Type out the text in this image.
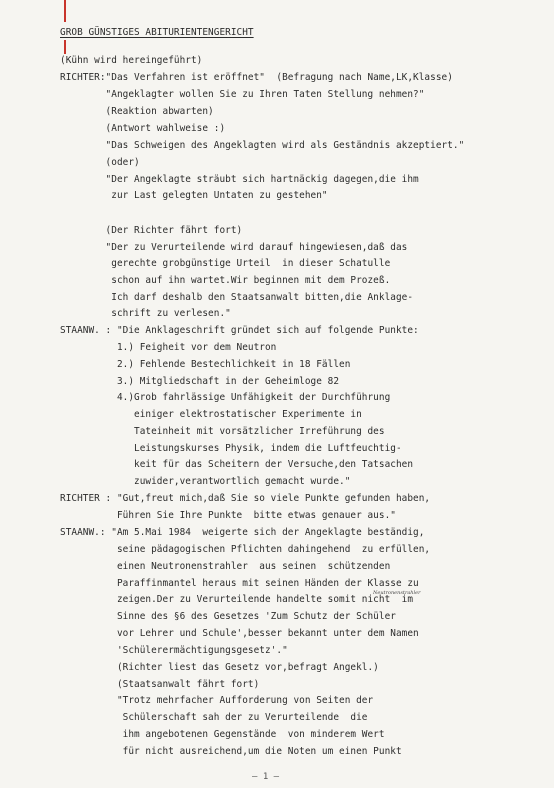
GROB GÜNSTIGES ABITURIENTENGERICHT
(Kühn wird hereingeführt)
RICHTER:"Das Verfahren ist eröffnet"  (Befragung nach Name,LK,Klasse)
"Angeklagter wollen Sie zu Ihren Taten Stellung nehmen?"
(Reaktion abwarten)
(Antwort wahlweise :)
"Das Schweigen des Angeklagten wird als Geständnis akzeptiert."
(oder)
"Der Angeklagte sträubt sich hartnäckig dagegen,die ihm
zur Last gelegten Untaten zu gestehen"
(Der Richter fährt fort)
"Der zu Verurteilende wird darauf hingewiesen,daß das
gerechte grobgünstige Urteil  in dieser Schatulle
schon auf ihn wartet.Wir beginnen mit dem Prozeß.
Ich darf deshalb den Staatsanwalt bitten,die Anklage-
schrift zu verlesen."
STAANW. : "Die Anklageschrift gründet sich auf folgende Punkte:
1.) Feigheit vor dem Neutron
2.) Fehlende Bestechlichkeit in 18 Fällen
3.) Mitgliedschaft in der Geheimloge 82
4.)Grob fahrlässige Unfähigkeit der Durchführung
einiger elektrostatischer Experimente in
Tateinheit mit vorsätzlicher Irreführung des
Leistungskurses Physik, indem die Luftfeuchtig-
keit für das Scheitern der Versuche,den Tatsachen
zuwider,verantwortlich gemacht wurde."
RICHTER : "Gut,freut mich,daß Sie so viele Punkte gefunden haben,
Führen Sie Ihre Punkte  bitte etwas genauer aus."
STAANW.: "Am 5.Mai 1984  weigerte sich der Angeklagte beständig,
seine pädagogischen Pflichten dahingehend  zu erfüllen,
einen Neutronenstrahler  aus seinen  schützenden
Paraffinmantel heraus mit seinen Händen der Klasse zu
zeigen.Der zu Verurteilende handelte somit nicht  im
Sinne des §6 des Gesetzes 'Zum Schutz der Schüler
vor Lehrer und Schule',besser bekannt unter dem Namen
'Schülerermächtigungsgesetz'."
(Richter liest das Gesetz vor,befragt Angekl.)
(Staatsanwalt fährt fort)
"Trotz mehrfacher Aufforderung von Seiten der
Schülerschaft sah der zu Verurteilende  die
ihm angebotenen Gegenstände  von minderem Wert
für nicht ausreichend,um die Noten um einen Punkt
Neutronenstrahler
— 1 —
